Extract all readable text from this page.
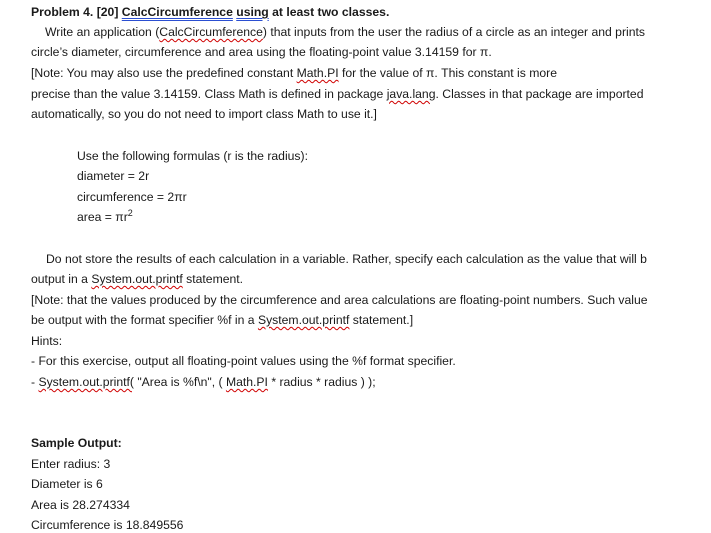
Problem 4. [20] CalcCircumference using at least two classes.
Write an application (CalcCircumference) that inputs from the user the radius of a circle as an integer and prints
circle’s diameter, circumference and area using the floating-point value 3.14159 for π.
[Note: You may also use the predefined constant Math.PI for the value of π. This constant is more
precise than the value 3.14159. Class Math is defined in package java.lang. Classes in that package are imported
automatically, so you do not need to import class Math to use it.]
Use the following formulas (r is the radius):
diameter = 2r
circumference = 2πr
area = $\pi r^2$
Do not store the results of each calculation in a variable. Rather, specify each calculation as the value that will b
output in a System.out.printf statement.
[Note: that the values produced by the circumference and area calculations are floating-point numbers. Such value
be output with the format specifier %f in a System.out.printf statement.]
Hints:
- For this exercise, output all floating-point values using the %f format specifier.
- System.out.printf( "Area is %f\n", ( Math.PI * radius * radius ) );
Sample Output:
Enter radius: 3
Diameter is 6
Area is 28.274334
Circumference is 18.849556
